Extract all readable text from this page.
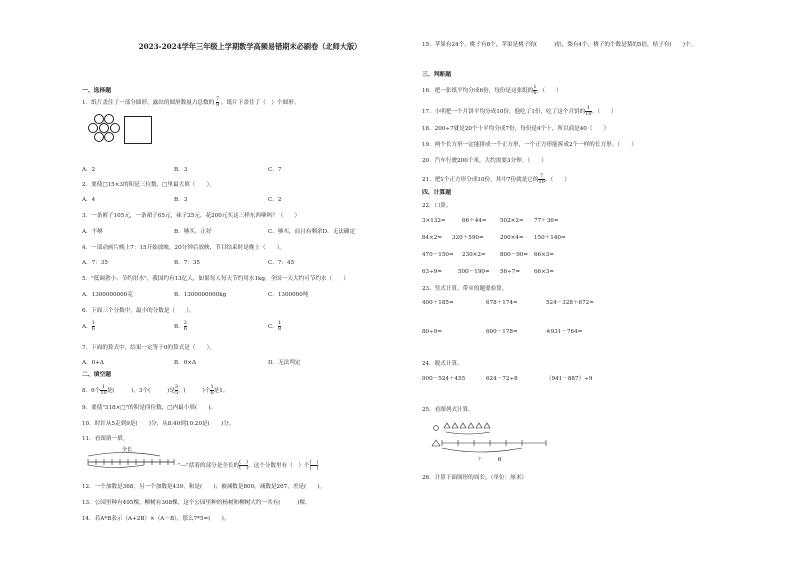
2023-2024学年三年级上学期数学高频易错期末必刷卷（北师大版）
一、选择题
1．纸片盖住了一部分圆形，露出的圆形数量占总数的 $\frac{7}{9}$ ，纸片下盖住了（　）个圆形。
A．2	B．3	C．7
2．要使□15×3的积是三位数，□里最大填（　　）。
A．4	B．3	C．2
3．一条裤子105元，一条裙子65元，袜子25元，花200元买这三样东西够吗？（　　）
A．不够	B．够买，正好	C．够买，而且有剩余D．无法确定
4．一部动画片晚上7：15开始放映，20分钟后放映，节目结束时是晚上（　　）。
A．7：35	B．7：35	C．7：45
5．"低调奢小、节约用水"，我国约有13亿人，如果每人每天节约用水1kg，全国一天大约可节约水（　　）
A．1300000000克	B．1300000000kg	C．1300000吨
6．下面三个分数中，最小的分数是（　　）。
A． $\frac{1}{6}$	B． $\frac{2}{6}$	C． $\frac{1}{8}$
7．下面的算式中，结果一定等于0的算式是（　　）。
A．0+Δ	B．0×Δ	D．无法判定
二、填空题
8．6个 $\frac{1}{10}$ 是(　　　)，3个(　　　)是 $\frac{3}{5}$ ，(　　　)个 $\frac{1}{6}$ 是1。
9．要使"318×□"的积是四位数，□内最小填(　　)。
10．时针从5走到9是(　　)分，从8:40到10:20是(　　)分。
11．看图填一填。
全长
"—"括着的部分是全长的 $\frac{( )}{( )}$ ，这个分数里有（　）个 $\frac{( )}{( )}$
12．一个加数是368，另一个加数是439，和是(　　)；被减数是800，减数是267，差是(　　)。
13．公园里种有495棵，柳树有308棵，这个公园里种的杨树和柳树大约一共有(　　　)棵。
14．若A*B表示（A+2B）×（A－B），那么7*5=(　　)。
15．苹果有24个，桃子有8个，苹果是桃子的(　　　)倍，梨有4个，桃子的个数是梨的5倍，桔子有(　　)个。
三、判断题
16．把一张纸平均分成6份，每份是这张纸的 $\frac{1}{6}$ 。（　　）
17．小明把一个月饼平均分成10份，他吃了1份，吃了这个月饼的 $\frac{1}{10}$ 。（　　）
18．200÷7就是20个十平均分成7份，每份是4个十，所以商是40（　　）
19．两个长方形一定能拼成一个正方形，一个正方形能拆成2个一样的长方形。（　　）
20．汽车行驶200千米，大约需要3分钟。（　　）
21．把1个正方形分成10份，其中7份就是它的 $\frac{7}{10}$ 。（　　）
四、计算题
22．口算。
3×132=	66＋44= 502×2= 77＋36=
64×2= 320＋590=	200×4= 150＋140=
470－150= 230×2=	800－90= 66×3=
63÷9=	500－190= 56÷7= 66×3=
23．竖式计算，带※的题要验算。
400＋185=	678＋174=	524－328＋672=
80÷9=	600－178=	※931－764=
24．脱式计算。
900－524＋455	624－72÷8	（941－887）÷9
25．看图列式计算。
？	6
26．计算下面图形的周长。（单位：厘米）
